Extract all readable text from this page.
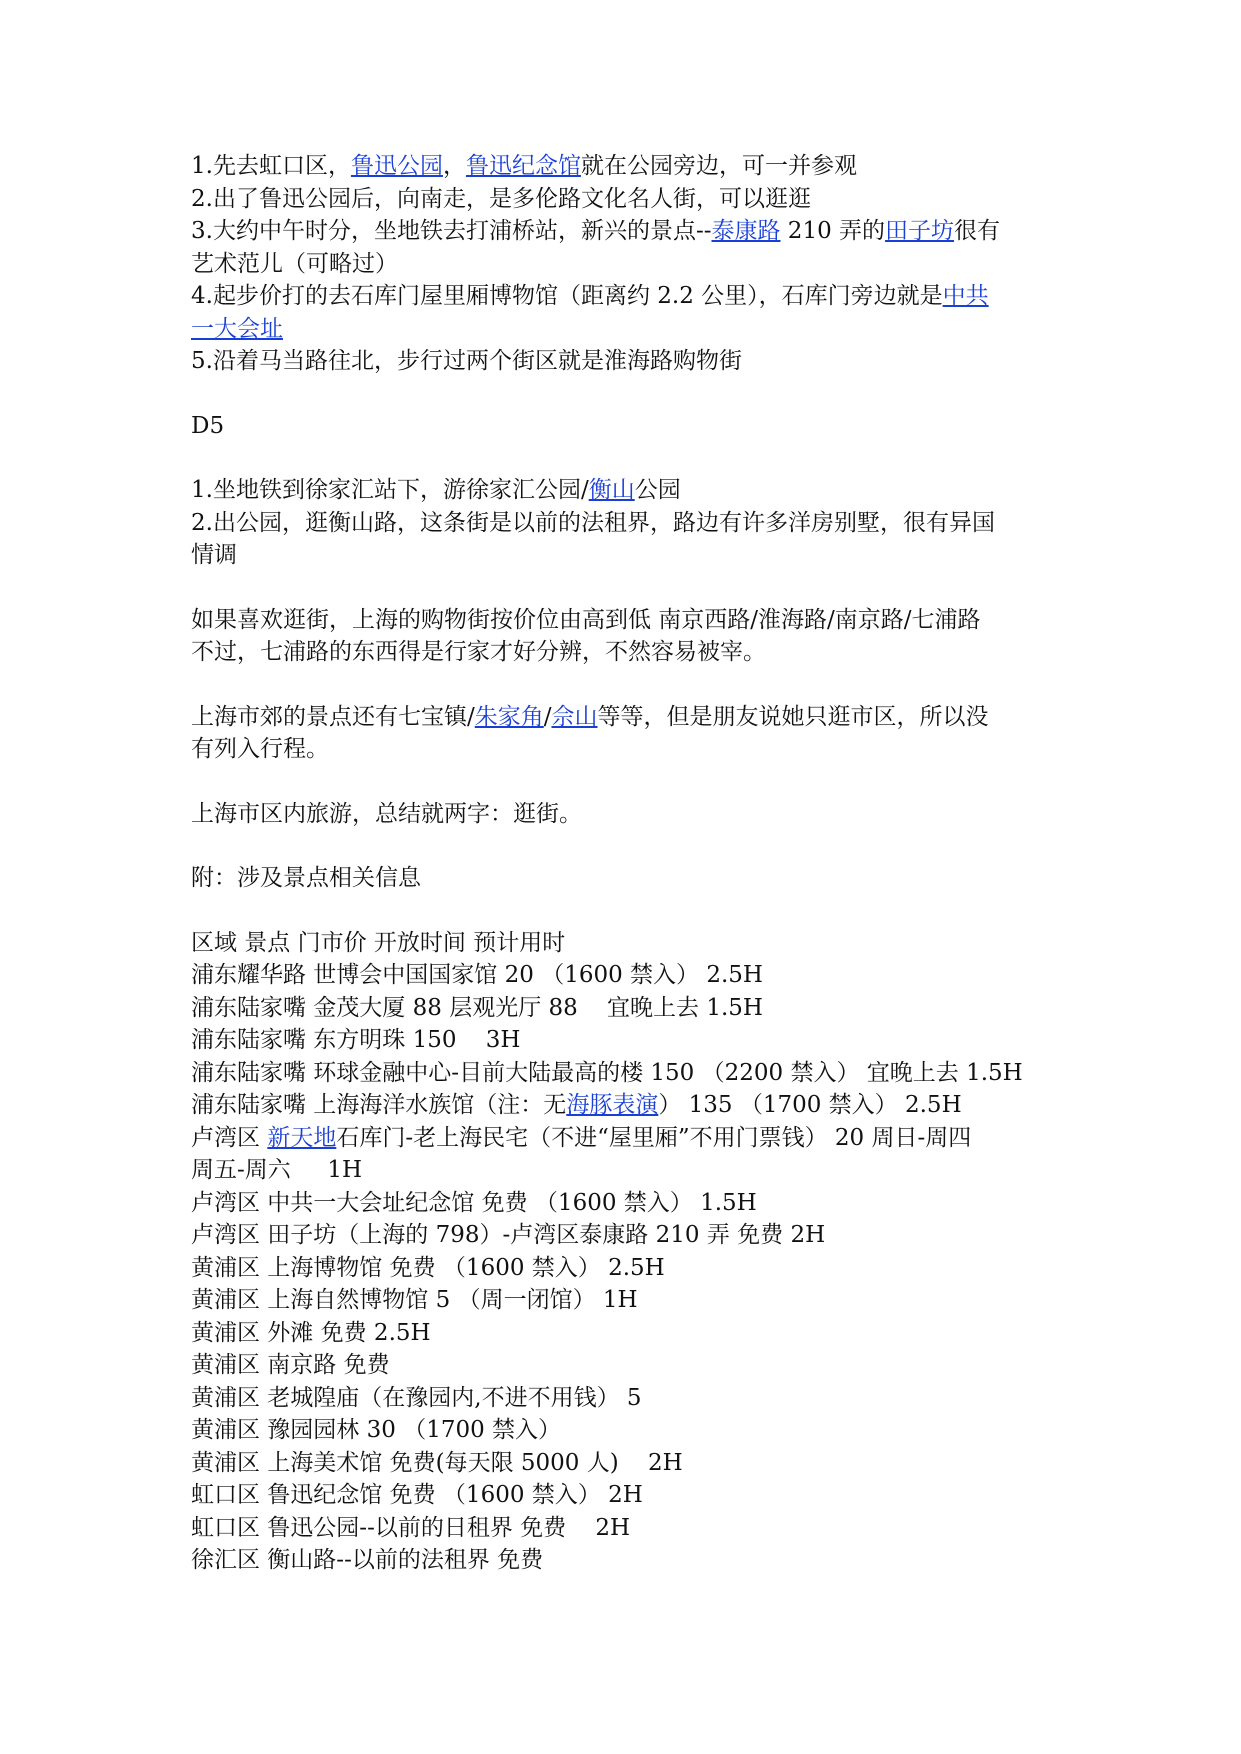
1.先去虹口区，鲁迅公园，鲁迅纪念馆就在公园旁边，可一并参观
2.出了鲁迅公园后，向南走，是多伦路文化名人街，可以逛逛
3.大约中午时分，坐地铁去打浦桥站，新兴的景点--泰康路 210 弄的田子坊很有
艺术范儿（可略过）
4.起步价打的去石库门屋里厢博物馆（距离约 2.2 公里），石库门旁边就是中共
一大会址
5.沿着马当路往北，步行过两个街区就是淮海路购物街
D5
1.坐地铁到徐家汇站下，游徐家汇公园/衡山公园
2.出公园，逛衡山路，这条街是以前的法租界，路边有许多洋房别墅，很有异国
情调
如果喜欢逛街，上海的购物街按价位由高到低 南京西路/淮海路/南京路/七浦路
不过，七浦路的东西得是行家才好分辨，不然容易被宰。
上海市郊的景点还有七宝镇/朱家角/佘山等等，但是朋友说她只逛市区，所以没
有列入行程。
上海市区内旅游，总结就两字：逛街。
附：涉及景点相关信息
区域 景点 门市价 开放时间 预计用时
浦东耀华路 世博会中国国家馆 20 （1600 禁入） 2.5H
浦东陆家嘴 金茂大厦 88 层观光厅 88    宜晚上去 1.5H
浦东陆家嘴 东方明珠 150    3H
浦东陆家嘴 环球金融中心-目前大陆最高的楼 150 （2200 禁入） 宜晚上去 1.5H
浦东陆家嘴 上海海洋水族馆（注：无海豚表演） 135 （1700 禁入） 2.5H
卢湾区 新天地石库门-老上海民宅（不进“屋里厢”不用门票钱） 20 周日-周四
周五-周六     1H
卢湾区 中共一大会址纪念馆 免费 （1600 禁入） 1.5H
卢湾区 田子坊（上海的 798）-卢湾区泰康路 210 弄 免费 2H
黄浦区 上海博物馆 免费 （1600 禁入） 2.5H
黄浦区 上海自然博物馆 5 （周一闭馆） 1H
黄浦区 外滩 免费 2.5H
黄浦区 南京路 免费
黄浦区 老城隍庙（在豫园内,不进不用钱） 5
黄浦区 豫园园林 30 （1700 禁入）
黄浦区 上海美术馆 免费(每天限 5000 人)    2H
虹口区 鲁迅纪念馆 免费 （1600 禁入） 2H
虹口区 鲁迅公园--以前的日租界 免费    2H
徐汇区 衡山路--以前的法租界 免费
